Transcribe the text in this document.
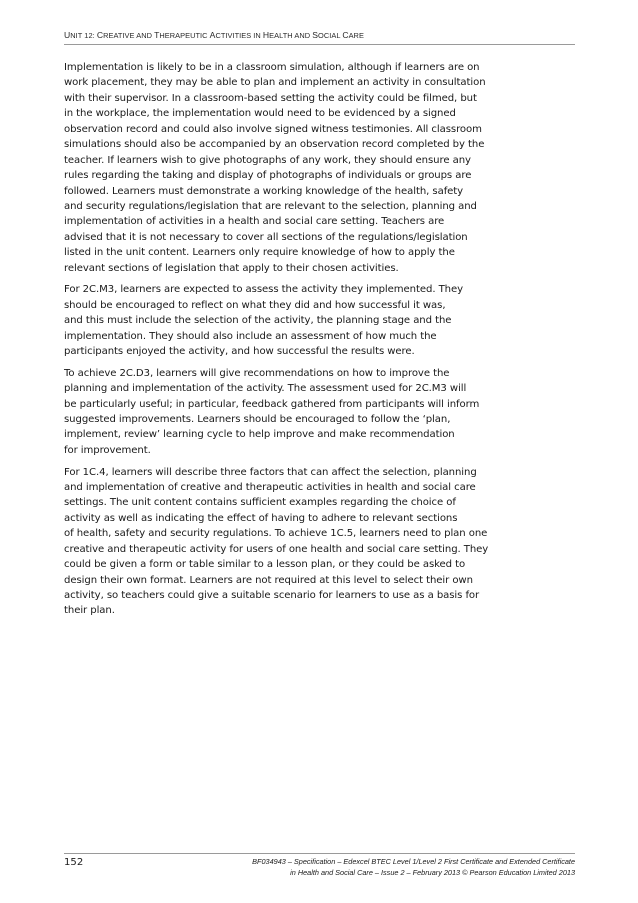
UNIT 12: CREATIVE AND THERAPEUTIC ACTIVITIES IN HEALTH AND SOCIAL CARE
Implementation is likely to be in a classroom simulation, although if learners are on
work placement, they may be able to plan and implement an activity in consultation
with their supervisor. In a classroom-based setting the activity could be filmed, but
in the workplace, the implementation would need to be evidenced by a signed
observation record and could also involve signed witness testimonies. All classroom
simulations should also be accompanied by an observation record completed by the
teacher. If learners wish to give photographs of any work, they should ensure any
rules regarding the taking and display of photographs of individuals or groups are
followed. Learners must demonstrate a working knowledge of the health, safety
and security regulations/legislation that are relevant to the selection, planning and
implementation of activities in a health and social care setting. Teachers are
advised that it is not necessary to cover all sections of the regulations/legislation
listed in the unit content. Learners only require knowledge of how to apply the
relevant sections of legislation that apply to their chosen activities.
For 2C.M3, learners are expected to assess the activity they implemented. They
should be encouraged to reflect on what they did and how successful it was,
and this must include the selection of the activity, the planning stage and the
implementation. They should also include an assessment of how much the
participants enjoyed the activity, and how successful the results were.
To achieve 2C.D3, learners will give recommendations on how to improve the
planning and implementation of the activity. The assessment used for 2C.M3 will
be particularly useful; in particular, feedback gathered from participants will inform
suggested improvements. Learners should be encouraged to follow the ‘plan,
implement, review’ learning cycle to help improve and make recommendation
for improvement.
For 1C.4, learners will describe three factors that can affect the selection, planning
and implementation of creative and therapeutic activities in health and social care
settings. The unit content contains sufficient examples regarding the choice of
activity as well as indicating the effect of having to adhere to relevant sections
of health, safety and security regulations. To achieve 1C.5, learners need to plan one
creative and therapeutic activity for users of one health and social care setting. They
could be given a form or table similar to a lesson plan, or they could be asked to
design their own format. Learners are not required at this level to select their own
activity, so teachers could give a suitable scenario for learners to use as a basis for
their plan.
152	BF034943 – Specification – Edexcel BTEC Level 1/Level 2 First Certificate and Extended Certificate
in Health and Social Care – Issue 2 – February 2013 © Pearson Education Limited 2013
